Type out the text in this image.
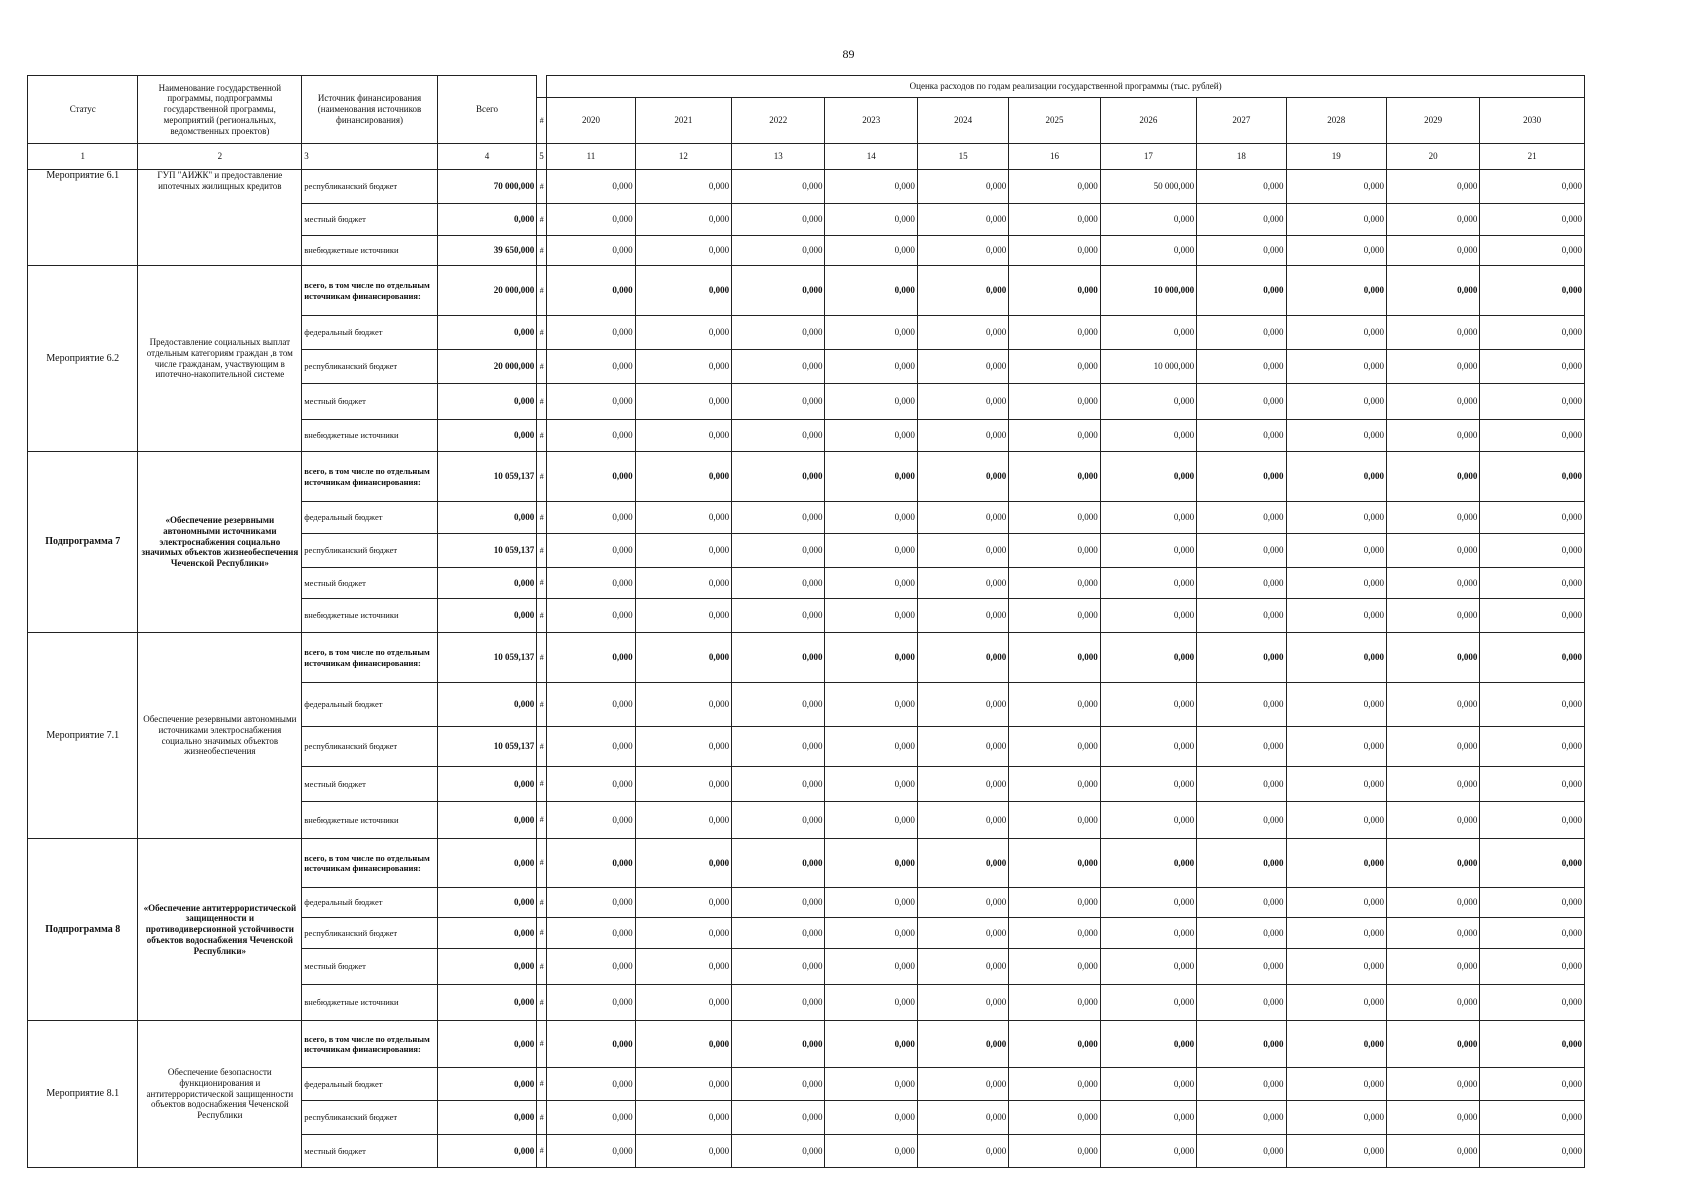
89
Статус	Наименование государственной программы, подпрограммы государственной программы, мероприятий (региональных, ведомственных проектов)	Источник финансирования (наименования источников финансирования)	Всего		Оценка расходов по годам реализации государственной программы (тыс. рублей)										
				#	2020	2021	2022	2023	2024	2025	2026	2027	2028	2029	2030
1	2	3	4	5	11	12	13	14	15	16	17	18	19	20	21
Мероприятие 6.1	ГУП "АИЖК" и предоставление ипотечных жилищных кредитов	республиканский бюджет	70 000,000	#	0,000	0,000	0,000	0,000	0,000	0,000	50 000,000	0,000	0,000	0,000	0,000
		местный бюджет	0,000	#	0,000	0,000	0,000	0,000	0,000	0,000	0,000	0,000	0,000	0,000	0,000
		внебюджетные источники	39 650,000	#	0,000	0,000	0,000	0,000	0,000	0,000	0,000	0,000	0,000	0,000	0,000
Мероприятие 6.2	Предоставление социальных выплат отдельным категориям граждан ,в том числе гражданам, участвующим в ипотечно-накопительной системе	всего, в том числе по отдельным источникам финансирования:	20 000,000	#	0,000	0,000	0,000	0,000	0,000	0,000	10 000,000	0,000	0,000	0,000	0,000
		федеральный бюджет	0,000	#	0,000	0,000	0,000	0,000	0,000	0,000	0,000	0,000	0,000	0,000	0,000
		республиканский бюджет	20 000,000	#	0,000	0,000	0,000	0,000	0,000	0,000	10 000,000	0,000	0,000	0,000	0,000
		местный бюджет	0,000	#	0,000	0,000	0,000	0,000	0,000	0,000	0,000	0,000	0,000	0,000	0,000
		внебюджетные источники	0,000	#	0,000	0,000	0,000	0,000	0,000	0,000	0,000	0,000	0,000	0,000	0,000
Подпрограмма 7	«Обеспечение резервными автономными источниками электроснабжения социально значимых объектов жизнеобеспечения Чеченской Республики»	всего, в том числе по отдельным источникам финансирования:	10 059,137	#	0,000	0,000	0,000	0,000	0,000	0,000	0,000	0,000	0,000	0,000	0,000
		федеральный бюджет	0,000	#	0,000	0,000	0,000	0,000	0,000	0,000	0,000	0,000	0,000	0,000	0,000
		республиканский бюджет	10 059,137	#	0,000	0,000	0,000	0,000	0,000	0,000	0,000	0,000	0,000	0,000	0,000
		местный бюджет	0,000	#	0,000	0,000	0,000	0,000	0,000	0,000	0,000	0,000	0,000	0,000	0,000
		внебюджетные источники	0,000	#	0,000	0,000	0,000	0,000	0,000	0,000	0,000	0,000	0,000	0,000	0,000
Мероприятие 7.1	Обеспечение резервными автономными источниками электроснабжения социально значимых объектов жизнеобеспечения	всего, в том числе по отдельным источникам финансирования:	10 059,137	#	0,000	0,000	0,000	0,000	0,000	0,000	0,000	0,000	0,000	0,000	0,000
		федеральный бюджет	0,000	#	0,000	0,000	0,000	0,000	0,000	0,000	0,000	0,000	0,000	0,000	0,000
		республиканский бюджет	10 059,137	#	0,000	0,000	0,000	0,000	0,000	0,000	0,000	0,000	0,000	0,000	0,000
		местный бюджет	0,000	#	0,000	0,000	0,000	0,000	0,000	0,000	0,000	0,000	0,000	0,000	0,000
		внебюджетные источники	0,000	#	0,000	0,000	0,000	0,000	0,000	0,000	0,000	0,000	0,000	0,000	0,000
Подпрограмма 8	«Обеспечение антитеррористической защищенности и противодиверсионной устойчивости объектов водоснабжения Чеченской Республики»	всего, в том числе по отдельным источникам финансирования:	0,000	#	0,000	0,000	0,000	0,000	0,000	0,000	0,000	0,000	0,000	0,000	0,000
		федеральный бюджет	0,000	#	0,000	0,000	0,000	0,000	0,000	0,000	0,000	0,000	0,000	0,000	0,000
		республиканский бюджет	0,000	#	0,000	0,000	0,000	0,000	0,000	0,000	0,000	0,000	0,000	0,000	0,000
		местный бюджет	0,000	#	0,000	0,000	0,000	0,000	0,000	0,000	0,000	0,000	0,000	0,000	0,000
		внебюджетные источники	0,000	#	0,000	0,000	0,000	0,000	0,000	0,000	0,000	0,000	0,000	0,000	0,000
Мероприятие 8.1	Обеспечение безопасности функционирования и антитеррористической защищенности объектов водоснабжения Чеченской Республики	всего, в том числе по отдельным источникам финансирования:	0,000	#	0,000	0,000	0,000	0,000	0,000	0,000	0,000	0,000	0,000	0,000	0,000
		федеральный бюджет	0,000	#	0,000	0,000	0,000	0,000	0,000	0,000	0,000	0,000	0,000	0,000	0,000
		республиканский бюджет	0,000	#	0,000	0,000	0,000	0,000	0,000	0,000	0,000	0,000	0,000	0,000	0,000
		местный бюджет	0,000	#	0,000	0,000	0,000	0,000	0,000	0,000	0,000	0,000	0,000	0,000	0,000
